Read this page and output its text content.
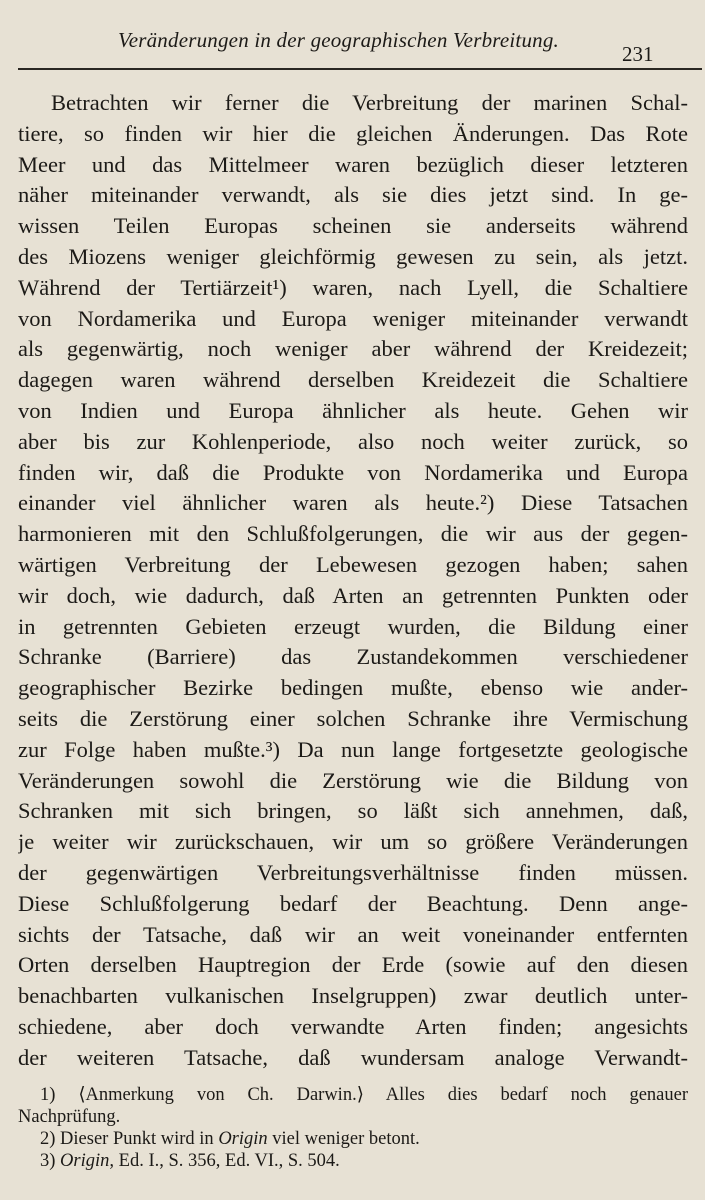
Veränderungen in der geographischen Verbreitung.
231
Betrachten wir ferner die Verbreitung der marinen Schal-
tiere, so finden wir hier die gleichen Änderungen. Das Rote
Meer und das Mittelmeer waren bezüglich dieser letzteren
näher miteinander verwandt, als sie dies jetzt sind. In ge-
wissen Teilen Europas scheinen sie anderseits während
des Miozens weniger gleichförmig gewesen zu sein, als jetzt.
Während der Tertiärzeit¹) waren, nach Lyell, die Schaltiere
von Nordamerika und Europa weniger miteinander verwandt
als gegenwärtig, noch weniger aber während der Kreidezeit;
dagegen waren während derselben Kreidezeit die Schaltiere
von Indien und Europa ähnlicher als heute. Gehen wir
aber bis zur Kohlenperiode, also noch weiter zurück, so
finden wir, daß die Produkte von Nordamerika und Europa
einander viel ähnlicher waren als heute.²) Diese Tatsachen
harmonieren mit den Schlußfolgerungen, die wir aus der gegen-
wärtigen Verbreitung der Lebewesen gezogen haben; sahen
wir doch, wie dadurch, daß Arten an getrennten Punkten oder
in getrennten Gebieten erzeugt wurden, die Bildung einer
Schranke (Barriere) das Zustandekommen verschiedener
geographischer Bezirke bedingen mußte, ebenso wie ander-
seits die Zerstörung einer solchen Schranke ihre Vermischung
zur Folge haben mußte.³) Da nun lange fortgesetzte geologische
Veränderungen sowohl die Zerstörung wie die Bildung von
Schranken mit sich bringen, so läßt sich annehmen, daß,
je weiter wir zurückschauen, wir um so größere Veränderungen
der gegenwärtigen Verbreitungsverhältnisse finden müssen.
Diese Schlußfolgerung bedarf der Beachtung. Denn ange-
sichts der Tatsache, daß wir an weit voneinander entfernten
Orten derselben Hauptregion der Erde (sowie auf den diesen
benachbarten vulkanischen Inselgruppen) zwar deutlich unter-
schiedene, aber doch verwandte Arten finden; angesichts
der weiteren Tatsache, daß wundersam analoge Verwandt-
1) ⟨Anmerkung von Ch. Darwin.⟩ Alles dies bedarf noch genauer
Nachprüfung.
2) Dieser Punkt wird in Origin viel weniger betont.
3) Origin, Ed. I., S. 356, Ed. VI., S. 504.
